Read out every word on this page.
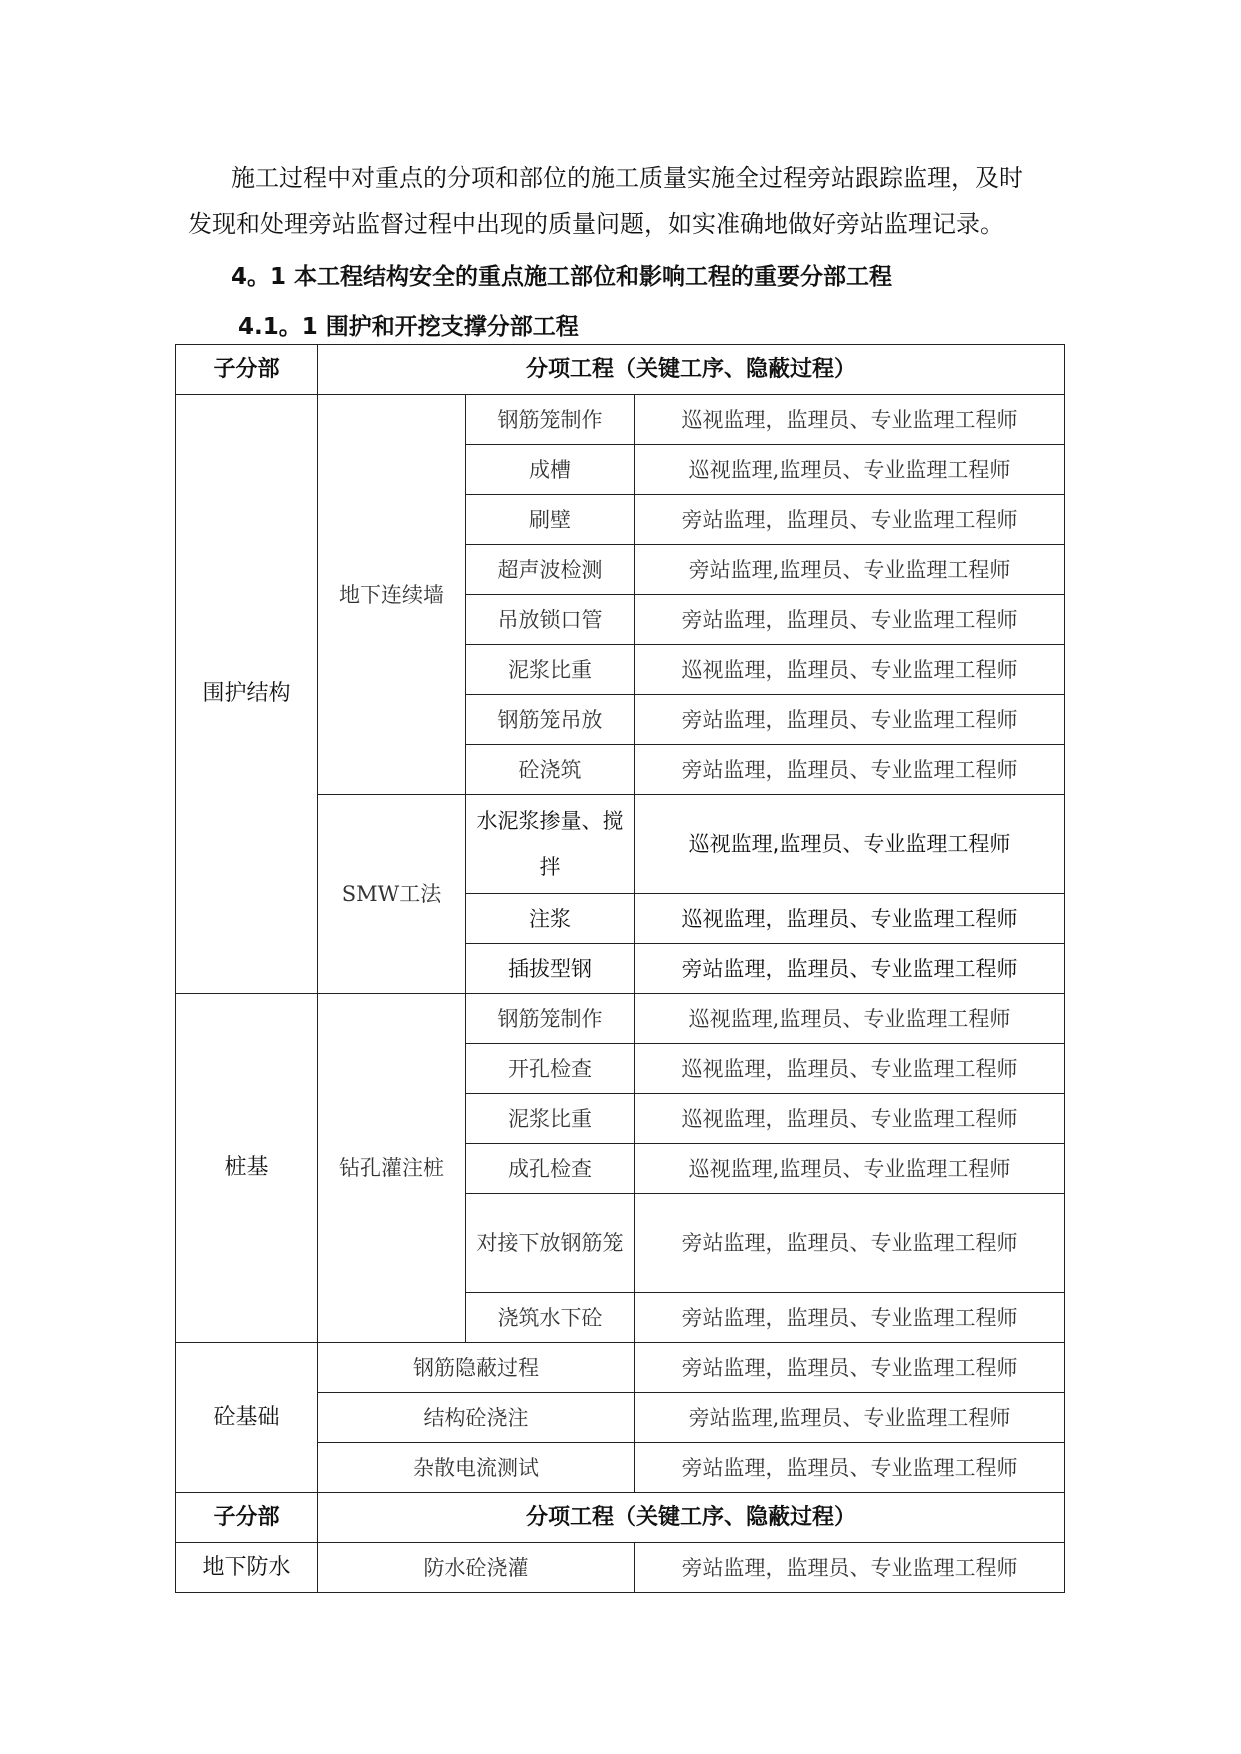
施工过程中对重点的分项和部位的施工质量实施全过程旁站跟踪监理，及时

发现和处理旁站监督过程中出现的质量问题，如实准确地做好旁站监理记录。

4。1 本工程结构安全的重点施工部位和影响工程的重要分部工程
4.1。1 围护和开挖支撑分部工程
子分部	分项工程（关键工序、隐蔽过程）		
围护结构	地下连续墙	钢筋笼制作	巡视监理，监理员、专业监理工程师
		成槽	巡视监理,监理员、专业监理工程师
		刷壁	旁站监理，监理员、专业监理工程师
		超声波检测	旁站监理,监理员、专业监理工程师
		吊放锁口管	旁站监理，监理员、专业监理工程师
		泥浆比重	巡视监理，监理员、专业监理工程师
		钢筋笼吊放	旁站监理，监理员、专业监理工程师
		砼浇筑	旁站监理，监理员、专业监理工程师
	SMW工法	水泥浆掺量、搅拌	巡视监理,监理员、专业监理工程师
		注浆	巡视监理，监理员、专业监理工程师
		插拔型钢	旁站监理，监理员、专业监理工程师
桩基	钻孔灌注桩	钢筋笼制作	巡视监理,监理员、专业监理工程师
		开孔检查	巡视监理，监理员、专业监理工程师
		泥浆比重	巡视监理，监理员、专业监理工程师
		成孔检查	巡视监理,监理员、专业监理工程师
		对接下放钢筋笼	旁站监理，监理员、专业监理工程师
		浇筑水下砼	旁站监理，监理员、专业监理工程师
砼基础	钢筋隐蔽过程		旁站监理，监理员、专业监理工程师
	结构砼浇注		旁站监理,监理员、专业监理工程师
	杂散电流测试		旁站监理，监理员、专业监理工程师
子分部	分项工程（关键工序、隐蔽过程）		
地下防水	防水砼浇灌		旁站监理，监理员、专业监理工程师
